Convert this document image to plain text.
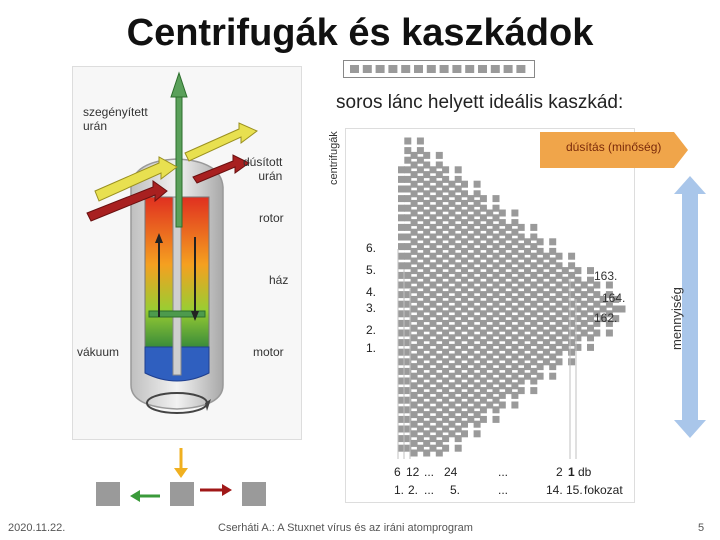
Centrifugák és kaszkádok
soros lánc helyett ideális kaszkád:
szegényített
urán
dúsított
urán
rotor
ház
vákuum	motor
centrifugák
6.
5.
4.
3.
2.
1.
163.
164.
162.
6 12 ... 24	...	2 1 db
1. 2. ... 5.	...	14. 15. fokozat
dúsítás (minőség)
mennyiség
2020.11.22.	Cserháti A.: A Stuxnet vírus és az iráni atomprogram	5
